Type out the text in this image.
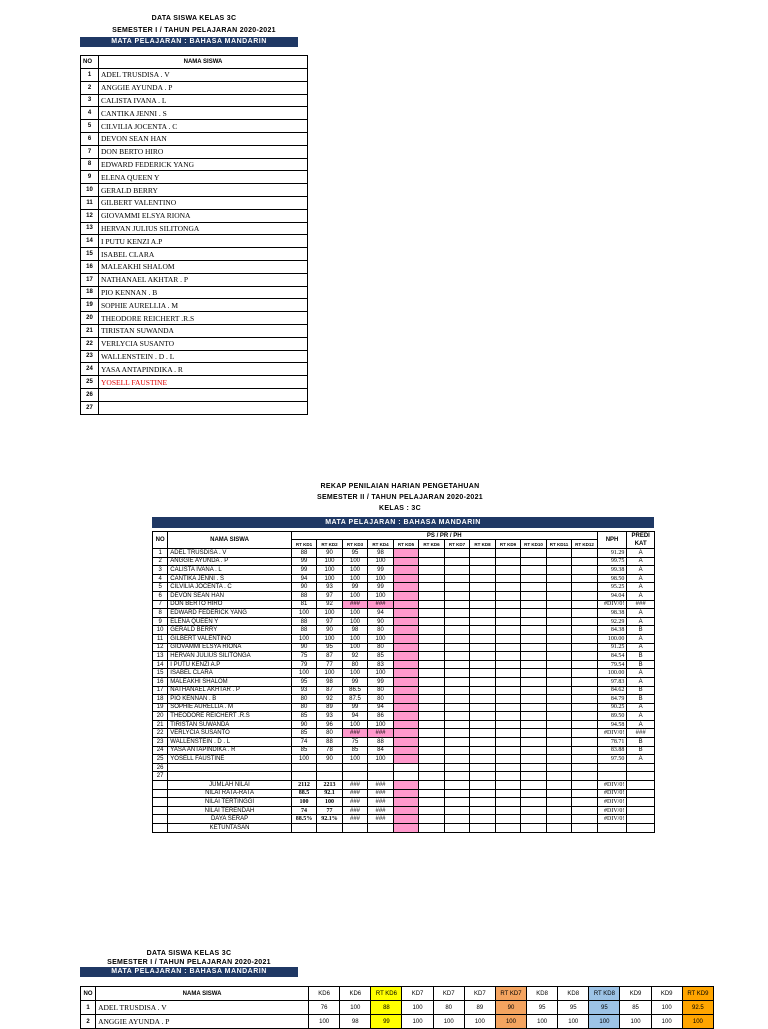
DATA SISWA KELAS 3C
SEMESTER I / TAHUN PELAJARAN 2020-2021
MATA PELAJARAN : BAHASA MANDARIN
NO	NAMA SISWA
1	ADEL TRUSDISA . V
2	ANGGIE AYUNDA . P
3	CALISTA IVANA . L
4	CANTIKA JENNI . S
5	CILVILIA JOCENTA . C
6	DEVON SEAN HAN
7	DON BERTO HIRO
8	EDWARD FEDERICK YANG
9	ELENA QUEEN Y
10	GERALD BERRY
11	GILBERT VALENTINO
12	GIOVAMMI ELSYA RIONA
13	HERVAN JULIUS SILITONGA
14	I PUTU KENZI A.P
15	ISABEL CLARA
16	MALEAKHI SHALOM
17	NATHANAEL AKHTAR . P
18	PIO KENNAN . B
19	SOPHIE AURELLIA . M
20	THEODORE REICHERT .R.S
21	TIRISTAN SUWANDA
22	VERLYCIA SUSANTO
23	WALLENSTEIN . D . L
24	YASA ANTAPINDIKA . R
25	YOSELL FAUSTINE
26	
27	
REKAP PENILAIAN HARIAN PENGETAHUAN
SEMESTER II / TAHUN PELAJARAN 2020-2021
KELAS : 3C
MATA PELAJARAN : BAHASA MANDARIN
NO	NAMA SISWA	PS / PR / PH												NPH	PREDI KAT
		RT KD1	RT KD2	RT KD3	RT KD4	RT KD5	RT KD6	RT KD7	RT KD8	RT KD9	RT KD10	RT KD11	RT KD12		
1	ADEL TRUSDISA . V	88	90	95	98									91.29	A
2	ANGGIE AYUNDA . P	99	100	100	100									99.75	A
3	CALISTA IVANA . L	99	100	100	99									99.38	A
4	CANTIKA JENNI . S	94	100	100	100									98.50	A
5	CILVILIA JOCENTA . C	90	93	99	99									95.25	A
6	DEVON SEAN HAN	88	97	100	100									94.04	A
7	DON BERTO HIRO	81	92	###	###									#DIV/0!	###
8	EDWARD FEDERICK YANG	100	100	100	94									98.38	A
9	ELENA QUEEN Y	88	97	100	90									92.29	A
10	GERALD BERRY	88	90	98	80									84.38	B
11	GILBERT VALENTINO	100	100	100	100									100.00	A
12	GIOVAMMI ELSYA RIONA	90	95	100	80									91.25	A
13	HERVAN JULIUS SILITONGA	75	87	92	85									84.54	B
14	I PUTU KENZI A.P	79	77	80	83									79.54	B
15	ISABEL CLARA	100	100	100	100									100.00	A
16	MALEAKHI SHALOM	95	98	99	99									97.83	A
17	NATHANAEL AKHTAR . P	93	87	86.5	80									84.62	B
18	PIO KENNAN . B	80	92	87.5	80									84.79	B
19	SOPHIE AURELLIA . M	80	89	99	94									90.25	A
20	THEODORE REICHERT .R.S	85	93	94	86									89.50	A
21	TIRISTAN SUWANDA	90	96	100	100									94.58	A
22	VERLYCIA SUSANTO	85	80	###	###									#DIV/0!	###
23	WALLENSTEIN . D . L	74	88	75	88									78.71	B
24	YASA ANTAPINDIKA . R	85	78	85	84									83.88	B
25	YOSELL FAUSTINE	100	90	100	100									97.50	A
26															
27															
	JUMLAH NILAI	2112	2213	###	###									#DIV/0!	
	NILAI RATA-RATA	88.5	92.1	###	###									#DIV/0!	
	NILAI TERTINGGI	100	100	###	###									#DIV/0!	
	NILAI TERENDAH	74	77	###	###									#DIV/0!	
	DAYA SERAP	88.5%	92.1%	###	###									#DIV/0!	
	KETUNTASAN														
DATA SISWA KELAS 3C
SEMESTER I / TAHUN PELAJARAN 2020-2021
MATA PELAJARAN : BAHASA MANDARIN
NO	NAMA SISWA	KD6	KD6	RT KD6	KD7	KD7	KD7	RT KD7	KD8	KD8	RT KD8	KD9	KD9	RT KD9
1	ADEL TRUSDISA . V	76	100	88	100	80	89	90	95	95	95	85	100	92.5
2	ANGGIE AYUNDA . P	100	98	99	100	100	100	100	100	100	100	100	100	100
